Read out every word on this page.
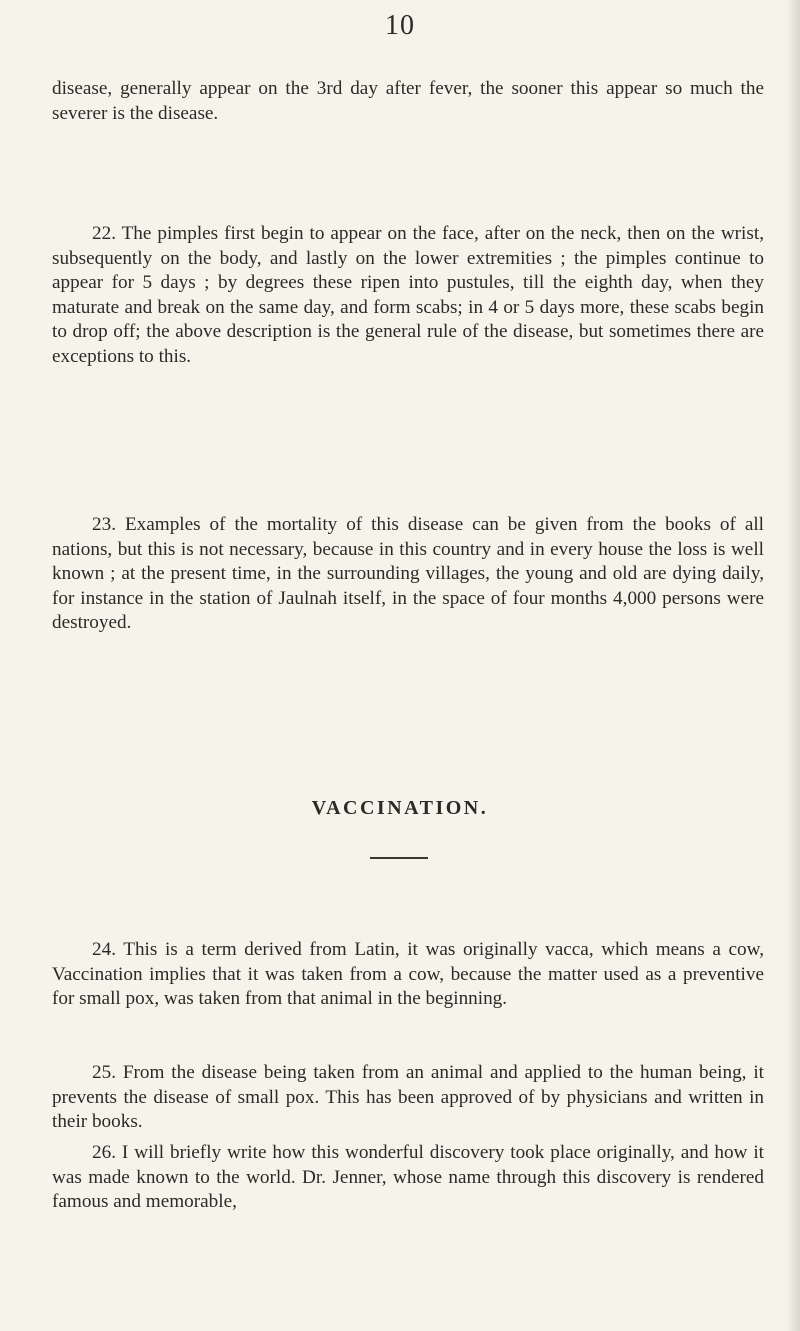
10

disease, generally appear on the 3rd day after fever, the sooner this appear so much the severer is the disease.

22. The pimples first begin to appear on the face, after on the neck, then on the wrist, subsequently on the body, and lastly on the lower extremities ; the pimples continue to appear for 5 days ; by degrees these ripen into pustules, till the eighth day, when they maturate and break on the same day, and form scabs; in 4 or 5 days more, these scabs begin to drop off; the above description is the general rule of the disease, but sometimes there are exceptions to this.

23. Examples of the mortality of this disease can be given from the books of all nations, but this is not necessary, because in this country and in every house the loss is well known ; at the present time, in the surrounding villages, the young and old are dying daily, for instance in the station of Jaulnah itself, in the space of four months 4,000 persons were destroyed.

VACCINATION.

24. This is a term derived from Latin, it was originally vacca, which means a cow, Vaccination implies that it was taken from a cow, because the matter used as a preventive for small pox, was taken from that animal in the beginning.

25. From the disease being taken from an animal and applied to the human being, it prevents the disease of small pox. This has been approved of by physicians and written in their books.

26. I will briefly write how this wonderful discovery took place originally, and how it was made known to the world. Dr. Jenner, whose name through this discovery is rendered famous and memorable,
